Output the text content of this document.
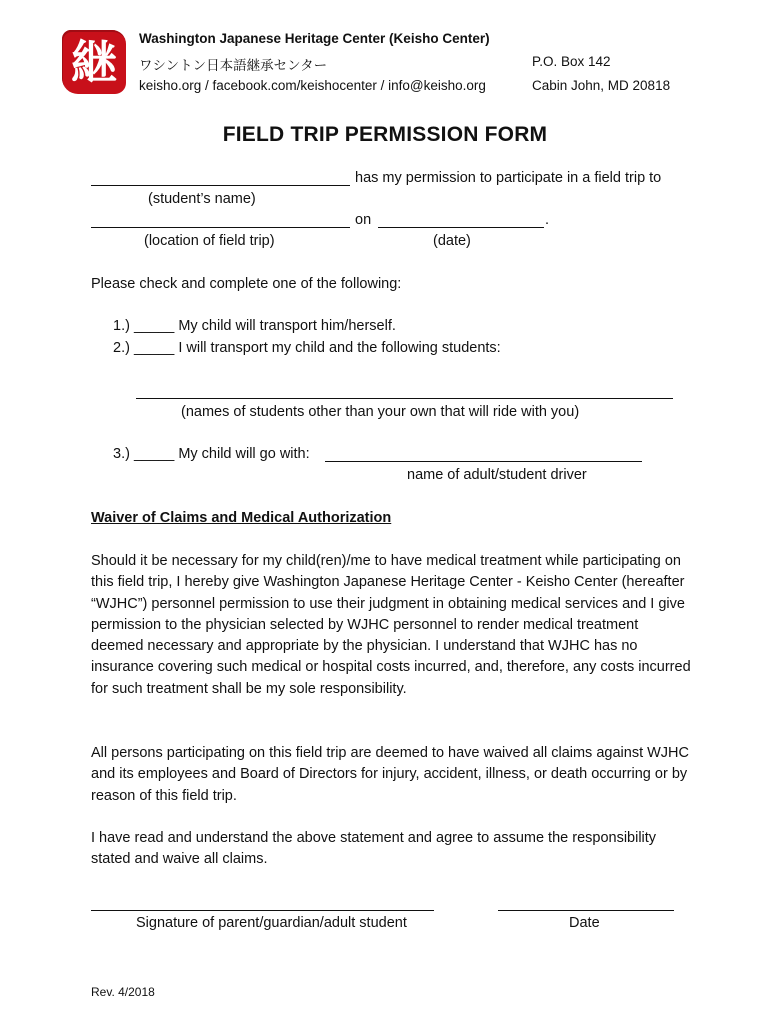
継	Washington Japanese Heritage Center (Keisho Center)
ワシントン日本語継承センター
keisho.org / facebook.com/keishocenter / info@keisho.org
P.O. Box 142
Cabin John, MD 20818
FIELD TRIP PERMISSION FORM
has my permission to participate in a field trip to
(student’s name)
on	.
(location of field trip)	(date)
Please check and complete one of the following:
1.) _____ My child will transport him/herself.
2.) _____ I will transport my child and the following students:
(names of students other than your own that will ride with you)
3.) _____ My child will go with:
name of adult/student driver
Waiver of Claims and Medical Authorization
Should it be necessary for my child(ren)/me to have medical treatment while participating on this field trip, I hereby give Washington Japanese Heritage Center - Keisho Center (hereafter “WJHC”) personnel permission to use their judgment in obtaining medical services and I give permission to the physician selected by WJHC personnel to render medical treatment deemed necessary and appropriate by the physician. I understand that WJHC has no insurance covering such medical or hospital costs incurred, and, therefore, any costs incurred for such treatment shall be my sole responsibility.
All persons participating on this field trip are deemed to have waived all claims against WJHC and its employees and Board of Directors for injury, accident, illness, or death occurring or by reason of this field trip.
I have read and understand the above statement and agree to assume the responsibility stated and waive all claims.
Signature of parent/guardian/adult student	Date
Rev. 4/2018
